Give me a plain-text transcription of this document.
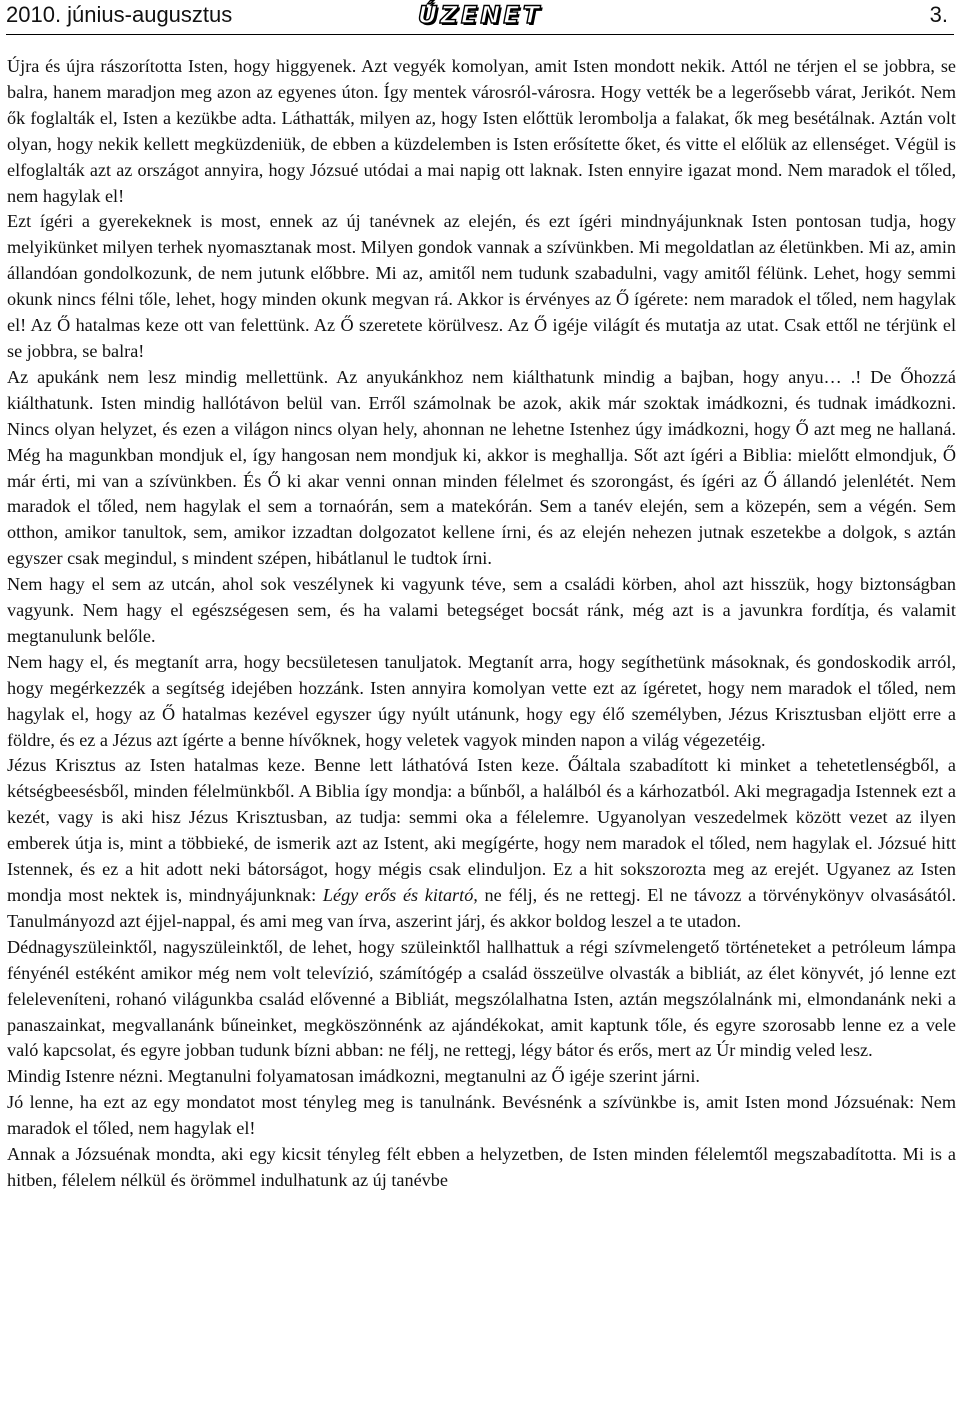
2010. június-augusztus	ÚZENET	3.

Újra és újra rászorította Isten, hogy higgyenek. Azt vegyék komolyan, amit Isten mondott nekik. Attól ne térjen el se jobbra, se balra, hanem maradjon meg azon az egyenes úton. Így mentek városról-városra. Hogy vették be a legerősebb várat, Jerikót. Nem ők foglalták el, Isten a kezükbe adta. Láthatták, milyen az, hogy Isten előttük lerombolja a falakat, ők meg besétálnak. Aztán volt olyan, hogy nekik kellett megküzdeniük, de ebben a küzdelemben is Isten erősítette őket, és vitte el előlük az ellenséget. Végül is elfoglalták azt az országot annyira, hogy Józsué utódai a mai napig ott laknak. Isten ennyire igazat mond. Nem maradok el tőled, nem hagylak el!

Ezt ígéri a gyerekeknek is most, ennek az új tanévnek az elején, és ezt ígéri mindnyájunknak Isten pontosan tudja, hogy melyikünket milyen terhek nyomasztanak most. Milyen gondok vannak a szívünkben. Mi megoldatlan az életünkben. Mi az, amin állandóan gondolkozunk, de nem jutunk előbbre. Mi az, amitől nem tudunk szabadulni, vagy amitől félünk. Lehet, hogy semmi okunk nincs félni tőle, lehet, hogy minden okunk megvan rá. Akkor is érvényes az Ő ígérete: nem maradok el tőled, nem hagylak el! Az Ő hatalmas keze ott van felettünk. Az Ő szeretete körülvesz. Az Ő igéje világít és mutatja az utat. Csak ettől ne térjünk el se jobbra, se balra!

Az apukánk nem lesz mindig mellettünk. Az anyukánkhoz nem kiálthatunk mindig a bajban, hogy anyu… .! De Őhozzá kiálthatunk. Isten mindig hallótávon belül van. Erről számolnak be azok, akik már szoktak imádkozni, és tudnak imádkozni. Nincs olyan helyzet, és ezen a világon nincs olyan hely, ahonnan ne lehetne Istenhez úgy imádkozni, hogy Ő azt meg ne hallaná. Még ha magunkban mondjuk el, így hangosan nem mondjuk ki, akkor is meghallja. Sőt azt ígéri a Biblia: mielőtt elmondjuk, Ő már érti, mi van a szívünkben. És Ő ki akar venni onnan minden félelmet és szorongást, és ígéri az Ő állandó jelenlétét. Nem maradok el tőled, nem hagylak el sem a tornaórán, sem a matekórán. Sem a tanév elején, sem a közepén, sem a végén. Sem otthon, amikor tanultok, sem, amikor izzadtan dolgozatot kellene írni, és az elején nehezen jutnak eszetekbe a dolgok, s aztán egyszer csak megindul, s mindent szépen, hibátlanul le tudtok írni.

Nem hagy el sem az utcán, ahol sok veszélynek ki vagyunk téve, sem a családi körben, ahol azt hisszük, hogy biztonságban vagyunk. Nem hagy el egészségesen sem, és ha valami betegséget bocsát ránk, még azt is a javunkra fordítja, és valamit megtanulunk belőle.

Nem hagy el, és megtanít arra, hogy becsületesen tanuljatok. Megtanít arra, hogy segíthetünk másoknak, és gondoskodik arról, hogy megérkezzék a segítség idejében hozzánk. Isten annyira komolyan vette ezt az ígéretet, hogy nem maradok el tőled, nem hagylak el, hogy az Ő hatalmas kezével egyszer úgy nyúlt utánunk, hogy egy élő személyben, Jézus Krisztusban eljött erre a földre, és ez a Jézus azt ígérte a benne hívőknek, hogy veletek vagyok minden napon a világ végezetéig.

Jézus Krisztus az Isten hatalmas keze. Benne lett láthatóvá Isten keze. Őáltala szabadított ki minket a tehetetlenségből, a kétségbeesésből, minden félelmünkből. A Biblia így mondja: a bűnből, a halálból és a kárhozatból. Aki megragadja Istennek ezt a kezét, vagy is aki hisz Jézus Krisztusban, az tudja: semmi oka a félelemre. Ugyanolyan veszedelmek között vezet az ilyen emberek útja is, mint a többieké, de ismerik azt az Istent, aki megígérte, hogy nem maradok el tőled, nem hagylak el. Józsué hitt Istennek, és ez a hit adott neki bátorságot, hogy mégis csak elinduljon. Ez a hit sokszorozta meg az erejét. Ugyanez az Isten mondja most nektek is, mindnyájunknak: Légy erős és kitartó, ne félj, és ne rettegj. El ne távozz a törvénykönyv olvasásától. Tanulmányozd azt éjjel-nappal, és ami meg van írva, aszerint járj, és akkor boldog leszel a te utadon.

Dédnagyszüleinktől, nagyszüleinktől, de lehet, hogy szüleinktől hallhattuk a régi szívmelengető történeteket a petróleum lámpa fényénél estéként amikor még nem volt televízió, számítógép a család összeülve olvasták a bibliát, az élet könyvét, jó lenne ezt feleleveníteni, rohanó világunkba család elővenné a Bibliát, megszólalhatna Isten, aztán megszólalnánk mi, elmondanánk neki a panaszainkat, megvallanánk bűneinket, megköszönnénk az ajándékokat, amit kaptunk tőle, és egyre szorosabb lenne ez a vele való kapcsolat, és egyre jobban tudunk bízni abban: ne félj, ne rettegj, légy bátor és erős, mert az Úr mindig veled lesz.

Mindig Istenre nézni. Megtanulni folyamatosan imádkozni, megtanulni az Ő igéje szerint járni.

Jó lenne, ha ezt az egy mondatot most tényleg meg is tanulnánk. Bevésnénk a szívünkbe is, amit Isten mond Józsuénak: Nem maradok el tőled, nem hagylak el!

Annak a Józsuénak mondta, aki egy kicsit tényleg félt ebben a helyzetben, de Isten minden félelemtől megszabadította. Mi is a hitben, félelem nélkül és örömmel indulhatunk az új tanévbe
